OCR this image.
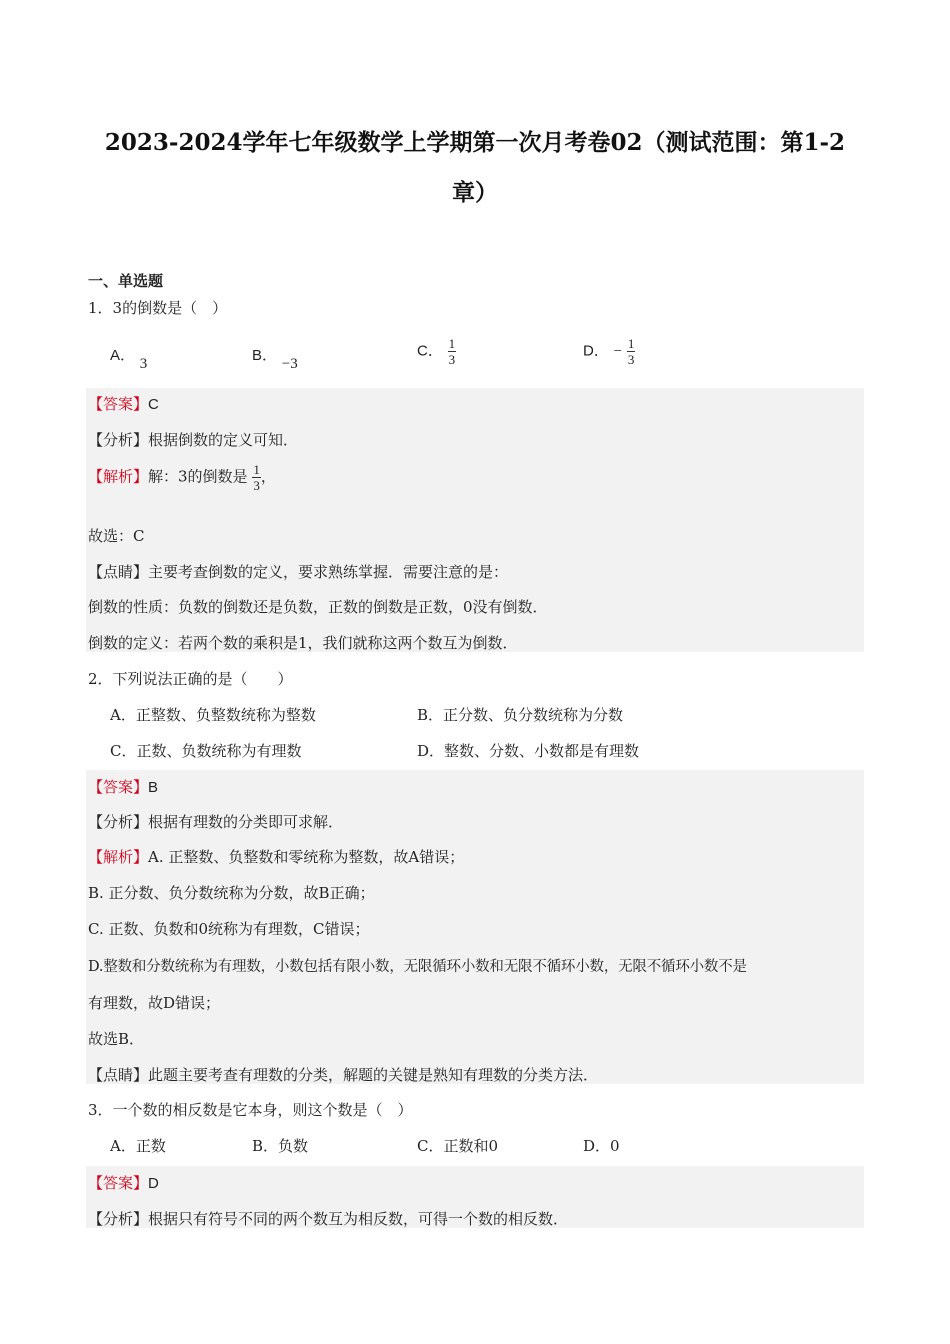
2023-2024学年七年级数学上学期第一次月考卷02（测试范围：第1-2
章）
一、单选题
1．3的倒数是（　）
A． 3	B． −3
C． $\frac{1}{3}$	D． − $\frac{1}{3}$
【答案】C
【分析】根据倒数的定义可知．
【解析】解：3的倒数是 $\frac{1}{3}$ ，
故选：C
【点睛】主要考查倒数的定义，要求熟练掌握．需要注意的是：
倒数的性质：负数的倒数还是负数，正数的倒数是正数，0没有倒数．
倒数的定义：若两个数的乘积是1，我们就称这两个数互为倒数．
2．下列说法正确的是（　　）
A．正整数、负整数统称为整数	B．正分数、负分数统称为分数
C．正数、负数统称为有理数	D．整数、分数、小数都是有理数
【答案】B
【分析】根据有理数的分类即可求解．
【解析】A. 正整数、负整数和零统称为整数，故A错误；
B. 正分数、负分数统称为分数，故B正确；
C. 正数、负数和0统称为有理数，C错误；
D.整数和分数统称为有理数，小数包括有限小数，无限循环小数和无限不循环小数，无限不循环小数不是
有理数，故D错误；
故选B．
【点睛】此题主要考查有理数的分类，解题的关键是熟知有理数的分类方法．
3．一个数的相反数是它本身，则这个数是（　）
A．正数	B．负数	C．正数和0	D．0
【答案】D
【分析】根据只有符号不同的两个数互为相反数，可得一个数的相反数．
